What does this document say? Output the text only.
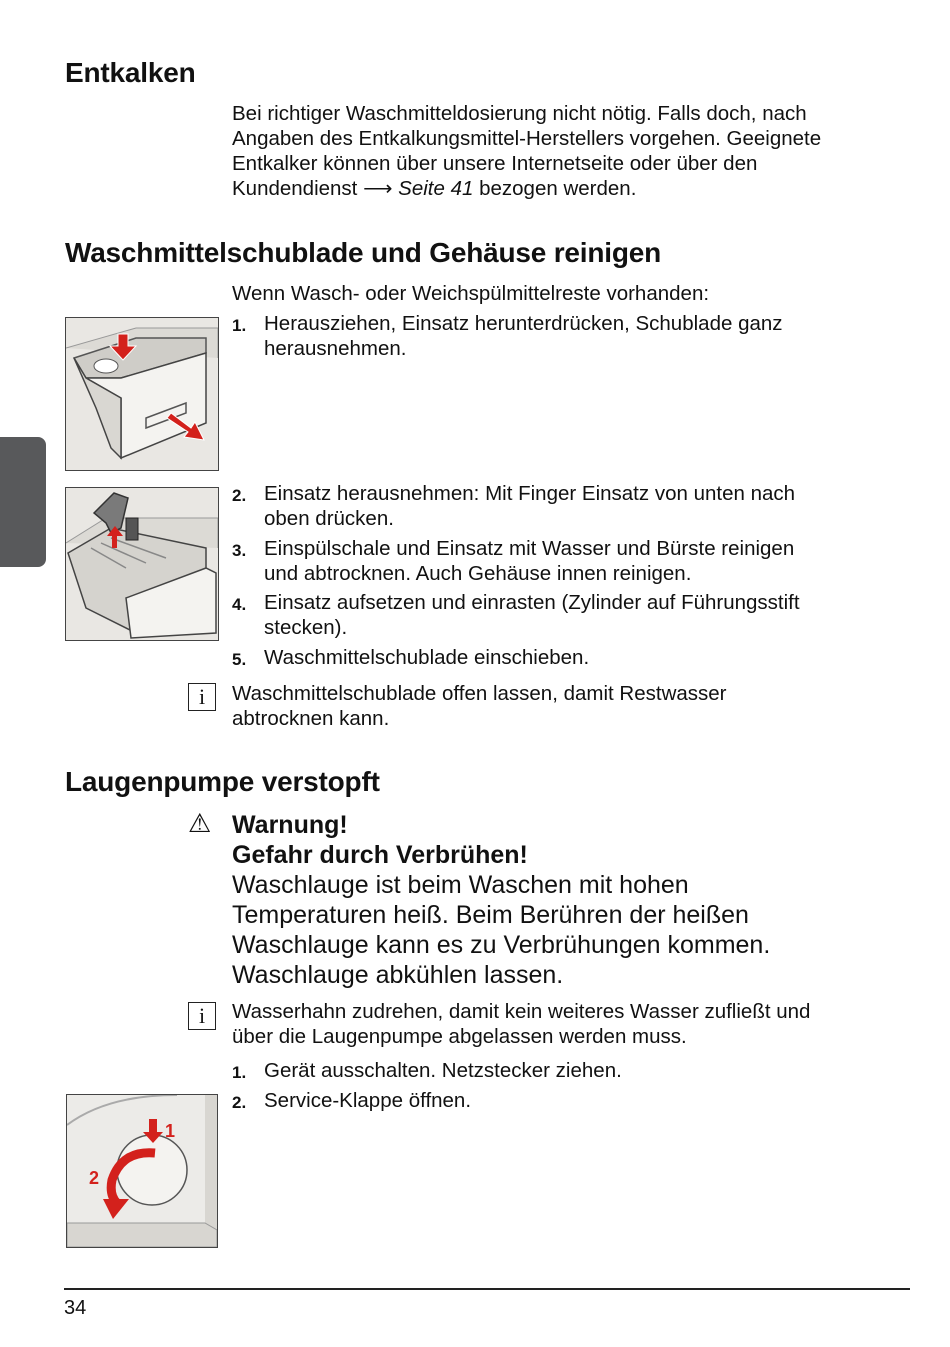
Entkalken
Bei richtiger Waschmitteldosierung nicht nötig. Falls doch, nach
Angaben des Entkalkungsmittel-Herstellers vorgehen. Geeignete
Entkalker können über unsere Internetseite oder über den
Kundendienst ⟶ Seite 41 bezogen werden.
Waschmittelschublade und Gehäuse reinigen
Wenn Wasch- oder Weichspülmittelreste vorhanden:
1. Herausziehen, Einsatz herunterdrücken, Schublade ganz
herausnehmen.
2. Einsatz herausnehmen: Mit Finger Einsatz von unten nach
oben drücken.
3. Einspülschale und Einsatz mit Wasser und Bürste reinigen
und abtrocknen. Auch Gehäuse innen reinigen.
4. Einsatz aufsetzen und einrasten (Zylinder auf Führungsstift
stecken).
5. Waschmittelschublade einschieben.
i	Waschmittelschublade offen lassen, damit Restwasser
abtrocknen kann.
Laugenpumpe verstopft
⚠ Warnung!
Gefahr durch Verbrühen!
Waschlauge ist beim Waschen mit hohen
Temperaturen heiß. Beim Berühren der heißen
Waschlauge kann es zu Verbrühungen kommen.
Waschlauge abkühlen lassen.
i	Wasserhahn zudrehen, damit kein weiteres Wasser zufließt und
über die Laugenpumpe abgelassen werden muss.
1. Gerät ausschalten. Netzstecker ziehen.
2. Service-Klappe öffnen.
1
2
34
